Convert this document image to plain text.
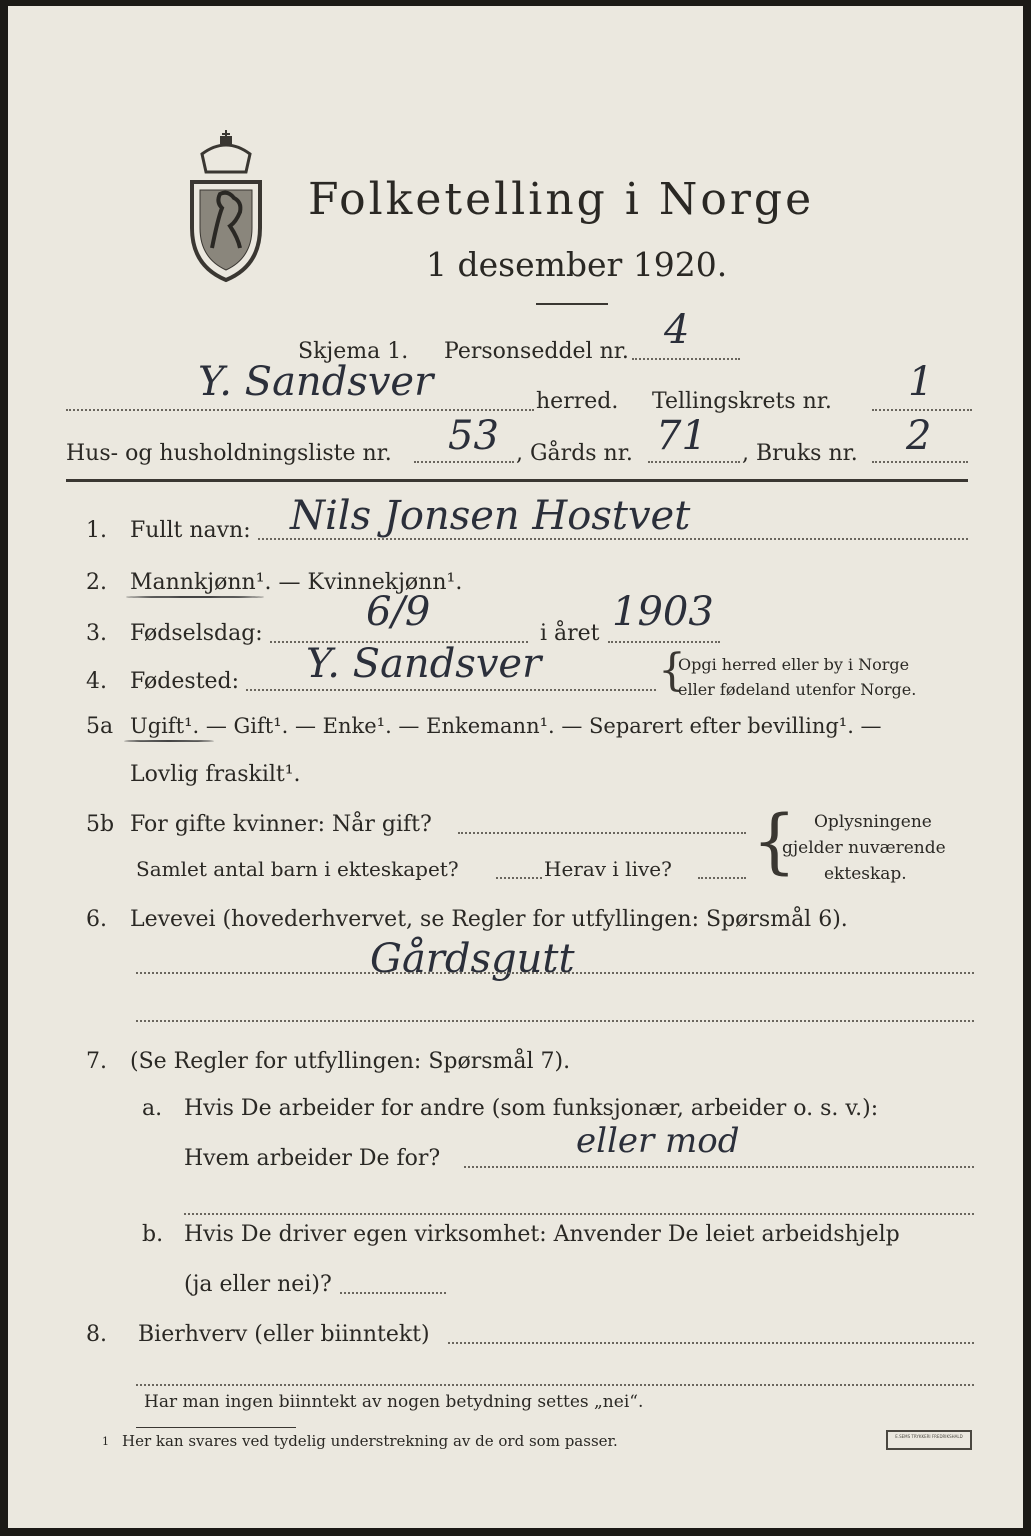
Folketelling i Norge
1 desember 1920.
Skjema 1. Personseddel nr. 4
Y. Sandsver	herred. Tellingskrets nr. 1
Hus- og husholdningsliste nr. 53 , Gårds nr. 71 , Bruks nr. 2
1. Fullt navn: Nils Jonsen Hostvet
2. Mannkjønn¹. — Kvinnekjønn¹.
3. Fødselsdag:	6/9	i året 1903
4. Fødested: Y. Sandsver	{
Opgi herred eller by i Norge
eller fødeland utenfor Norge.
5a Ugift¹. — Gift¹. — Enke¹. — Enkemann¹. — Separert efter bevilling¹. —
Lovlig fraskilt¹.
5b For gifte kvinner: Når gift?
Samlet antal barn i ekteskapet?	Herav i live? { Oplysningene
gjelder nuværende
ekteskap.
6. Levevei (hovederhvervet, se Regler for utfyllingen: Spørsmål 6).
Gårdsgutt
7. (Se Regler for utfyllingen: Spørsmål 7).
a. Hvis De arbeider for andre (som funksjonær, arbeider o. s. v.):
Hvem arbeider De for?	eller mod
b. Hvis De driver egen virksomhet: Anvender De leiet arbeidshjelp
(ja eller nei)?
8. Bierhverv (eller biinntekt)
Har man ingen biinntekt av nogen betydning settes „nei“.
1 Her kan svares ved tydelig understrekning av de ord som passer.	E.SEMS TRYKKERI FREDRIKSHALD
